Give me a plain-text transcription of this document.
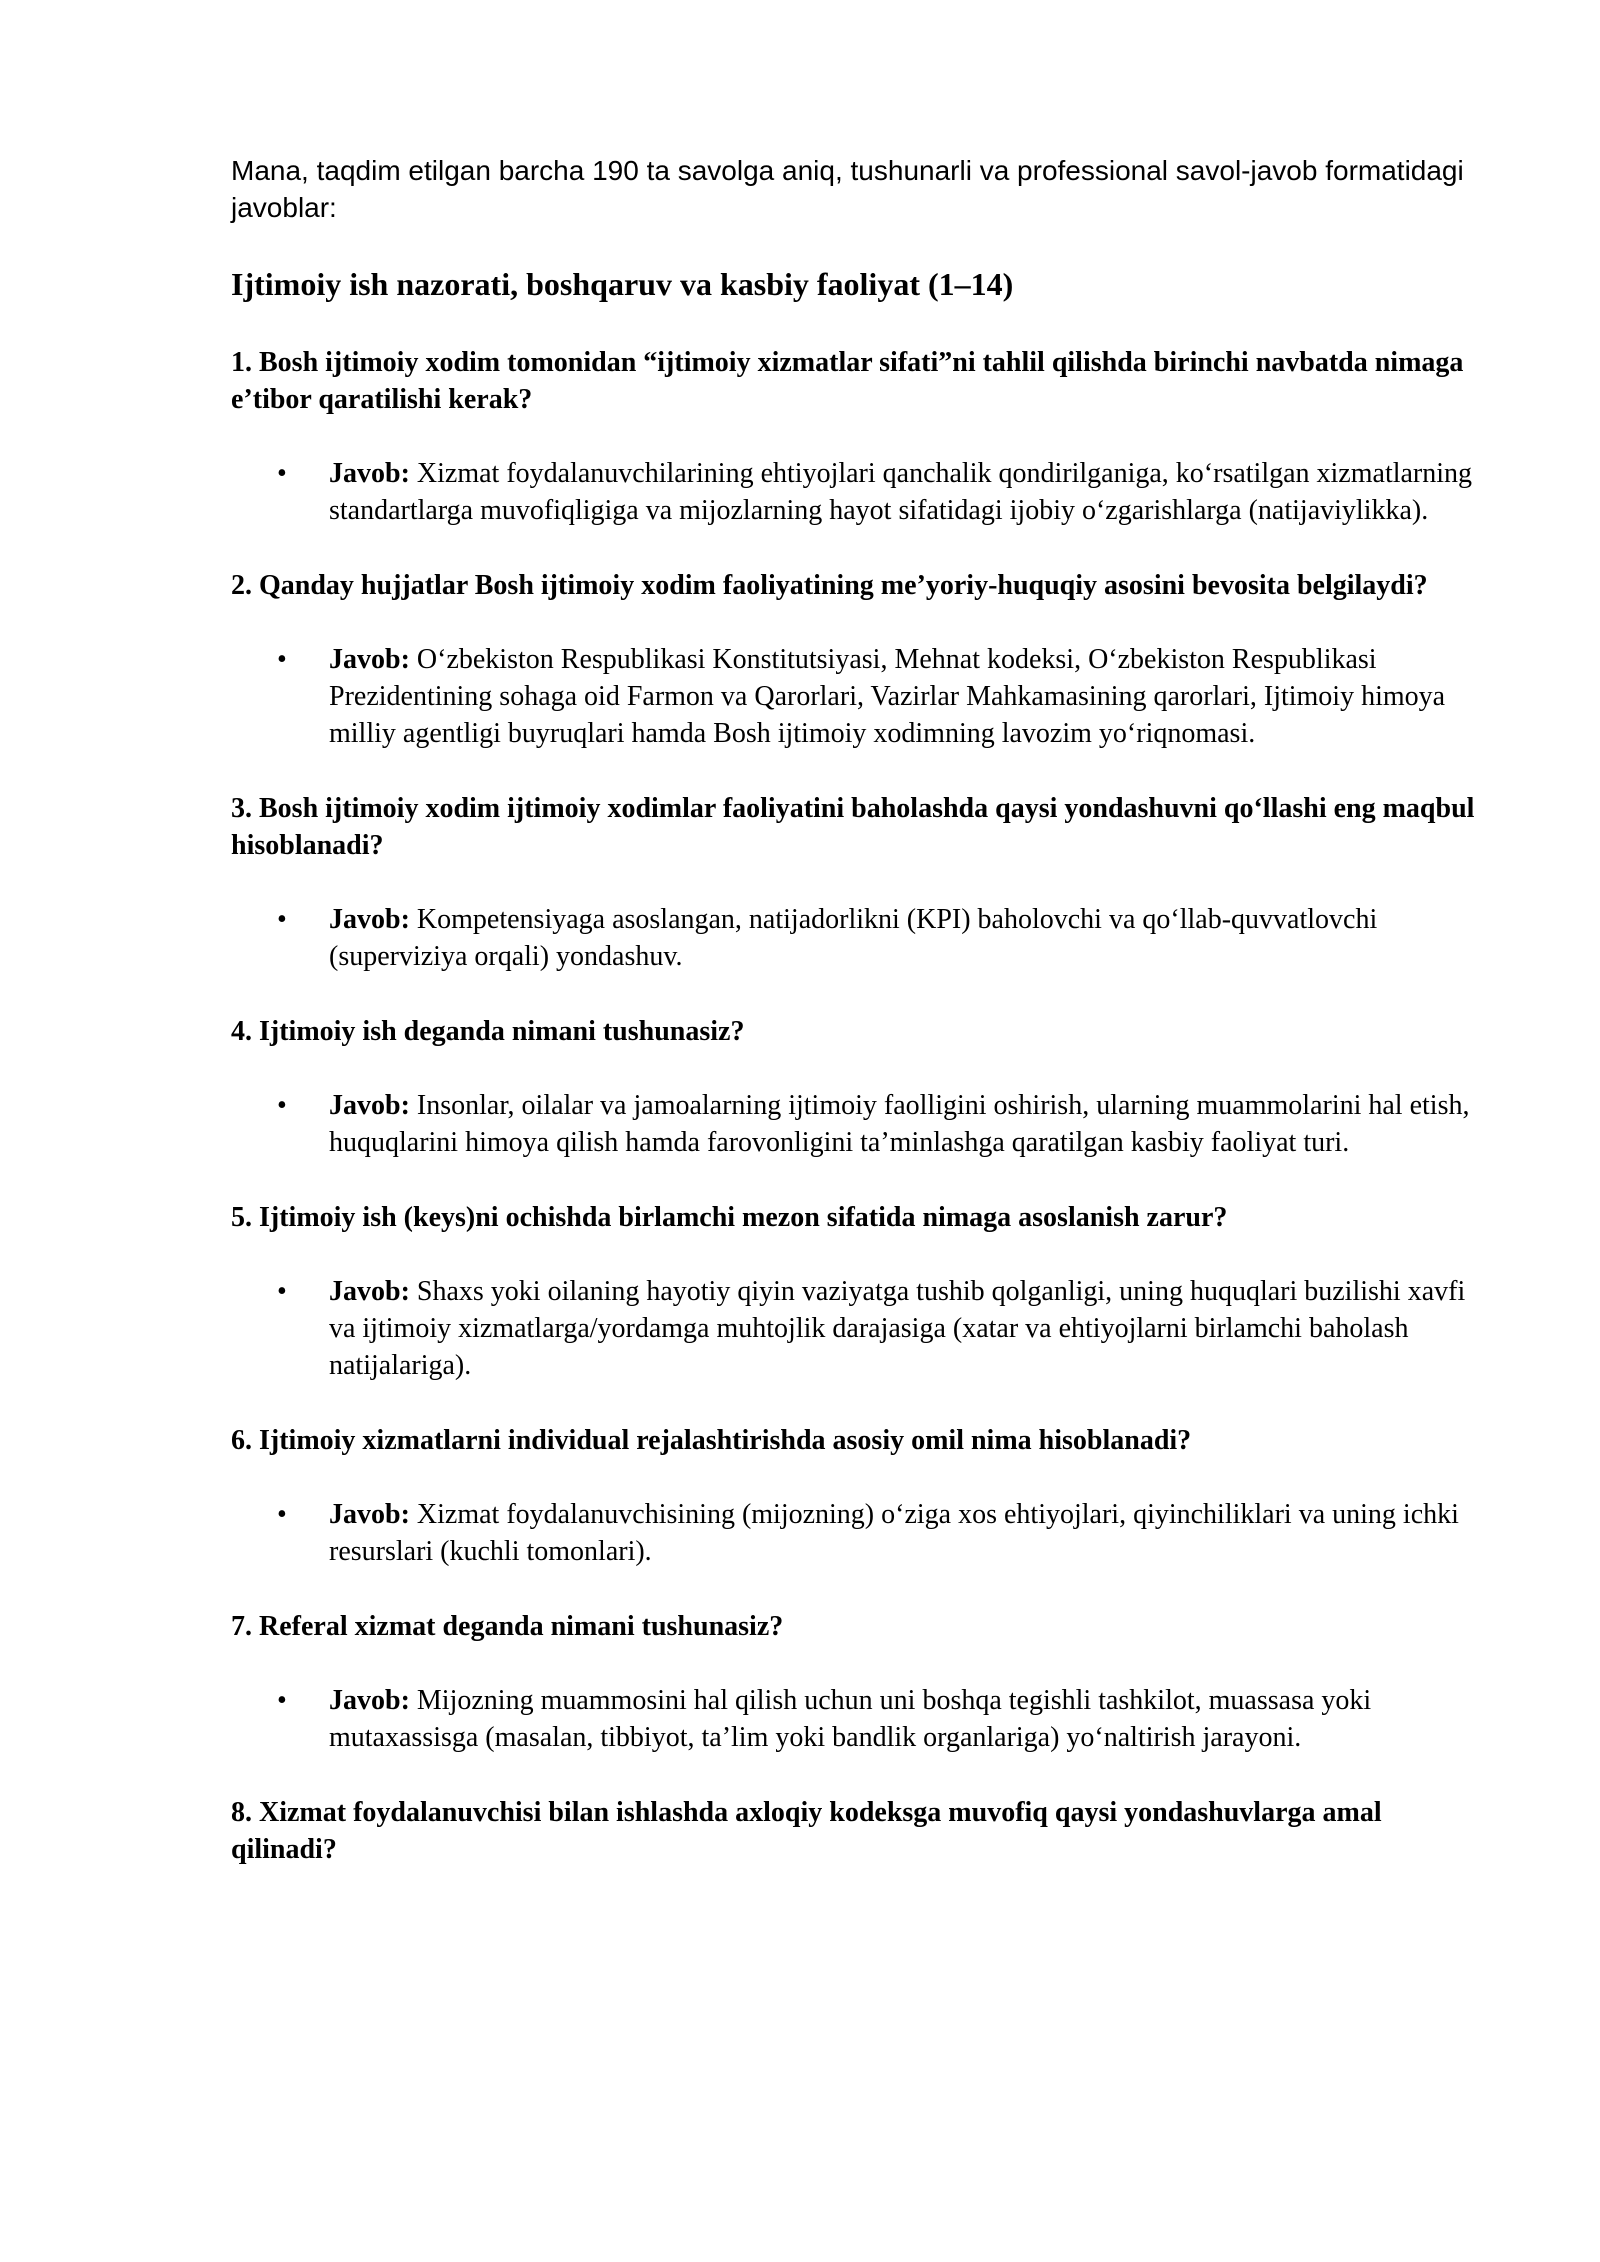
Mana, taqdim etilgan barcha 190 ta savolga aniq, tushunarli va professional savol-javob formatidagi javoblar:

Ijtimoiy ish nazorati, boshqaruv va kasbiy faoliyat (1–14)

1. Bosh ijtimoiy xodim tomonidan “ijtimoiy xizmatlar sifati”ni tahlil qilishda birinchi navbatda nimaga e’tibor qaratilishi kerak?

• Javob: Xizmat foydalanuvchilarining ehtiyojlari qanchalik qondirilganiga, koʻrsatilgan xizmatlarning standartlarga muvofiqligiga va mijozlarning hayot sifatidagi ijobiy oʻzgarishlarga (natijaviylikka).

2. Qanday hujjatlar Bosh ijtimoiy xodim faoliyatining me’yoriy-huquqiy asosini bevosita belgilaydi?

• Javob: Oʻzbekiston Respublikasi Konstitutsiyasi, Mehnat kodeksi, Oʻzbekiston Respublikasi Prezidentining sohaga oid Farmon va Qarorlari, Vazirlar Mahkamasining qarorlari, Ijtimoiy himoya milliy agentligi buyruqlari hamda Bosh ijtimoiy xodimning lavozim yoʻriqnomasi.

3. Bosh ijtimoiy xodim ijtimoiy xodimlar faoliyatini baholashda qaysi yondashuvni qoʻllashi eng maqbul hisoblanadi?

• Javob: Kompetensiyaga asoslangan, natijadorlikni (KPI) baholovchi va qoʻllab-quvvatlovchi (superviziya orqali) yondashuv.

4. Ijtimoiy ish deganda nimani tushunasiz?

• Javob: Insonlar, oilalar va jamoalarning ijtimoiy faolligini oshirish, ularning muammolarini hal etish, huquqlarini himoya qilish hamda farovonligini ta’minlashga qaratilgan kasbiy faoliyat turi.

5. Ijtimoiy ish (keys)ni ochishda birlamchi mezon sifatida nimaga asoslanish zarur?

• Javob: Shaxs yoki oilaning hayotiy qiyin vaziyatga tushib qolganligi, uning huquqlari buzilishi xavfi va ijtimoiy xizmatlarga/yordamga muhtojlik darajasiga (xatar va ehtiyojlarni birlamchi baholash natijalariga).

6. Ijtimoiy xizmatlarni individual rejalashtirishda asosiy omil nima hisoblanadi?

• Javob: Xizmat foydalanuvchisining (mijozning) oʻziga xos ehtiyojlari, qiyinchiliklari va uning ichki resurslari (kuchli tomonlari).

7. Referal xizmat deganda nimani tushunasiz?

• Javob: Mijozning muammosini hal qilish uchun uni boshqa tegishli tashkilot, muassasa yoki mutaxassisga (masalan, tibbiyot, ta’lim yoki bandlik organlariga) yoʻnaltirish jarayoni.

8. Xizmat foydalanuvchisi bilan ishlashda axloqiy kodeksga muvofiq qaysi yondashuvlarga amal qilinadi?
